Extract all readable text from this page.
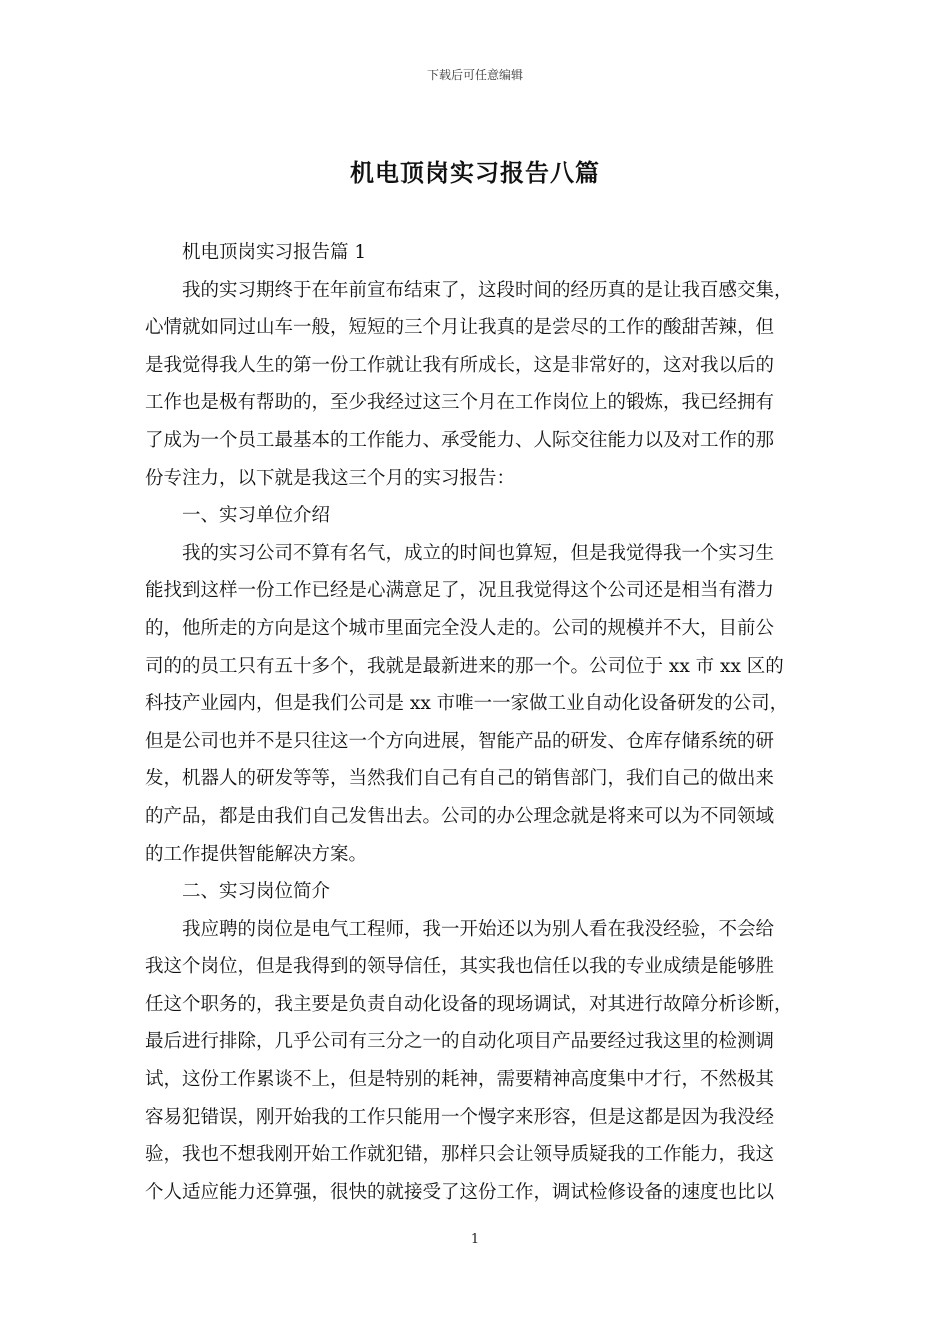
下载后可任意编辑
机电顶岗实习报告八篇
机电顶岗实习报告篇 1
我的实习期终于在年前宣布结束了，这段时间的经历真的是让我百感交集，
心情就如同过山车一般，短短的三个月让我真的是尝尽的工作的酸甜苦辣，但
是我觉得我人生的第一份工作就让我有所成长，这是非常好的，这对我以后的
工作也是极有帮助的，至少我经过这三个月在工作岗位上的锻炼，我已经拥有
了成为一个员工最基本的工作能力、承受能力、人际交往能力以及对工作的那
份专注力，以下就是我这三个月的实习报告：
一、实习单位介绍
我的实习公司不算有名气，成立的时间也算短，但是我觉得我一个实习生
能找到这样一份工作已经是心满意足了，况且我觉得这个公司还是相当有潜力
的，他所走的方向是这个城市里面完全没人走的。公司的规模并不大，目前公
司的的员工只有五十多个，我就是最新进来的那一个。公司位于 xx 市 xx 区的
科技产业园内，但是我们公司是 xx 市唯一一家做工业自动化设备研发的公司，
但是公司也并不是只往这一个方向进展，智能产品的研发、仓库存储系统的研
发，机器人的研发等等，当然我们自己有自己的销售部门，我们自己的做出来
的产品，都是由我们自己发售出去。公司的办公理念就是将来可以为不同领域
的工作提供智能解决方案。
二、实习岗位简介
我应聘的岗位是电气工程师，我一开始还以为别人看在我没经验，不会给
我这个岗位，但是我得到的领导信任，其实我也信任以我的专业成绩是能够胜
任这个职务的，我主要是负责自动化设备的现场调试，对其进行故障分析诊断，
最后进行排除，几乎公司有三分之一的自动化项目产品要经过我这里的检测调
试，这份工作累谈不上，但是特别的耗神，需要精神高度集中才行，不然极其
容易犯错误，刚开始我的工作只能用一个慢字来形容，但是这都是因为我没经
验，我也不想我刚开始工作就犯错，那样只会让领导质疑我的工作能力，我这
个人适应能力还算强，很快的就接受了这份工作，调试检修设备的速度也比以
1
